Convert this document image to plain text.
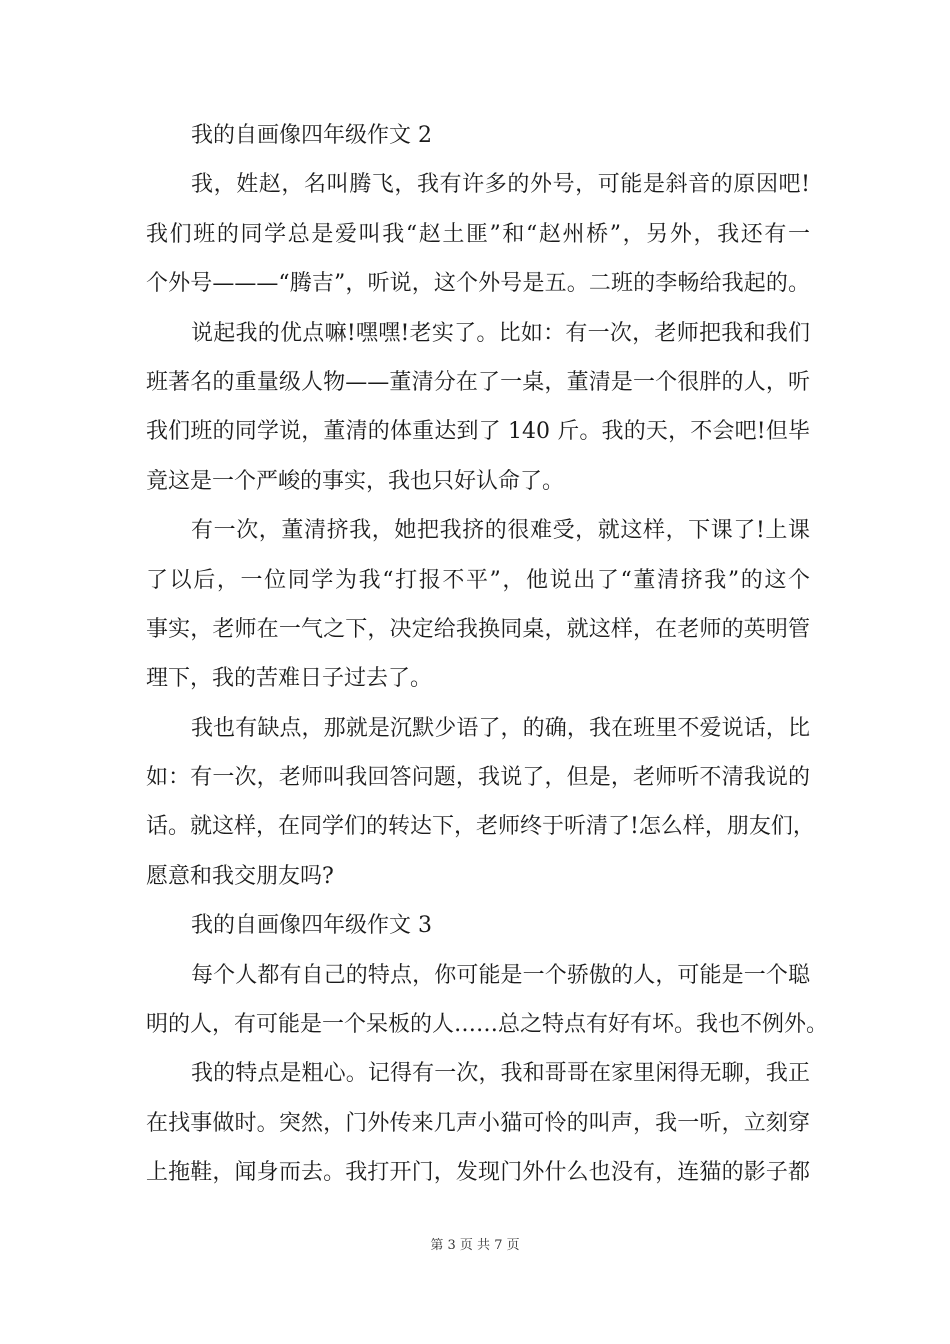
我的自画像四年级作文 2
我，姓赵，名叫腾飞，我有许多的外号，可能是斜音的原因吧!
我们班的同学总是爱叫我“赵土匪”和“赵州桥”，另外，我还有一
个外号———“腾吉”，听说，这个外号是五。二班的李畅给我起的。
说起我的优点嘛!嘿嘿!老实了。比如：有一次，老师把我和我们
班著名的重量级人物——董清分在了一桌，董清是一个很胖的人，听
我们班的同学说，董清的体重达到了 140 斤。我的天，不会吧!但毕
竟这是一个严峻的事实，我也只好认命了。
有一次，董清挤我，她把我挤的很难受，就这样，下课了!上课
了以后，一位同学为我“打报不平”，他说出了“董清挤我”的这个
事实，老师在一气之下，决定给我换同桌，就这样，在老师的英明管
理下，我的苦难日子过去了。
我也有缺点，那就是沉默少语了，的确，我在班里不爱说话，比
如：有一次，老师叫我回答问题，我说了，但是，老师听不清我说的
话。就这样，在同学们的转达下，老师终于听清了!怎么样，朋友们，
愿意和我交朋友吗?
我的自画像四年级作文 3
每个人都有自己的特点，你可能是一个骄傲的人，可能是一个聪
明的人，有可能是一个呆板的人……总之特点有好有坏。我也不例外。
我的特点是粗心。记得有一次，我和哥哥在家里闲得无聊，我正
在找事做时。突然，门外传来几声小猫可怜的叫声，我一听，立刻穿
上拖鞋，闻身而去。我打开门，发现门外什么也没有，连猫的影子都
第 3 页 共 7 页
